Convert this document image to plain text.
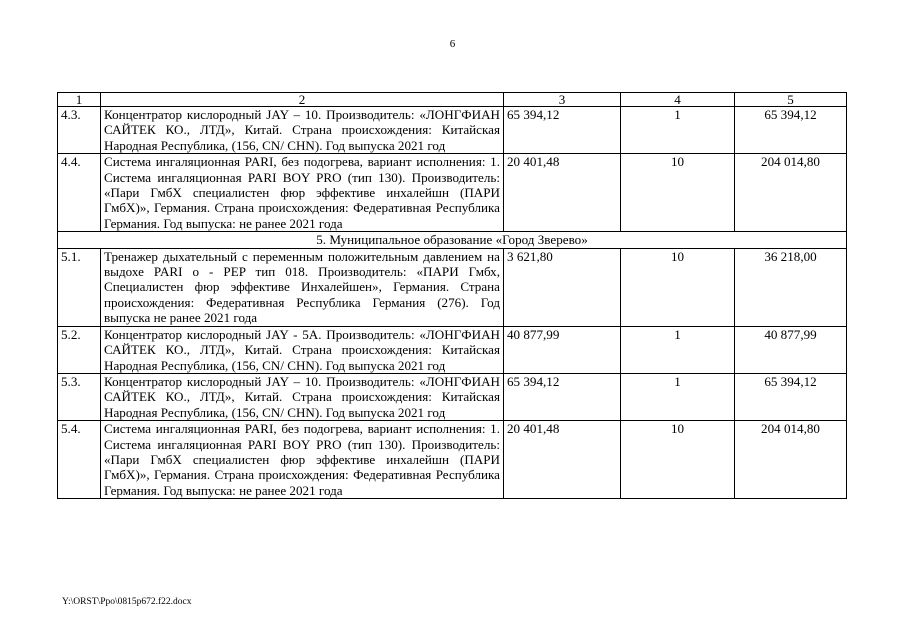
6
1	2	3	4	5
4.3.	Концентратор кислородный JAY – 10. Производитель: «ЛОНГФИАН САЙТЕК КО., ЛТД», Китай. Страна происхождения: Китайская Народная Республика, (156, CN/ CHN). Год выпуска 2021 год	65 394,12	1	65 394,12
4.4.	Система ингаляционная PARI, без подогрева, вариант исполнения: 1. Система ингаляционная PARI BOY PRO (тип 130). Производитель: «Пари ГмбХ специалистен фюр эффективе инхалейшн (ПАРИ ГмбХ)», Германия. Страна происхождения: Федеративная Республика Германия. Год выпуска: не ранее 2021 года	20 401,48	10	204 014,80
5. Муниципальное образование «Город Зверево»				
5.1.	Тренажер дыхательный с переменным положительным давлением на выдохе PARI o - PEP тип 018. Производитель: «ПАРИ Гмбх, Специалистен фюр эффективе Инхалейшен», Германия. Страна происхождения: Федеративная Республика Германия (276). Год выпуска не ранее 2021 года	3 621,80	10	36 218,00
5.2.	Концентратор кислородный JAY - 5A. Производитель: «ЛОНГФИАН САЙТЕК КО., ЛТД», Китай. Страна происхождения: Китайская Народная Республика, (156, CN/ CHN). Год выпуска 2021 год	40 877,99	1	40 877,99
5.3.	Концентратор кислородный JAY – 10. Производитель: «ЛОНГФИАН САЙТЕК КО., ЛТД», Китай. Страна происхождения: Китайская Народная Республика, (156, CN/ CHN). Год выпуска 2021 год	65 394,12	1	65 394,12
5.4.	Система ингаляционная PARI, без подогрева, вариант исполнения: 1. Система ингаляционная PARI BOY PRO (тип 130). Производитель: «Пари ГмбХ специалистен фюр эффективе инхалейшн (ПАРИ ГмбХ)», Германия. Страна происхождения: Федеративная Республика Германия. Год выпуска: не ранее 2021 года	20 401,48	10	204 014,80
Y:\ORST\Ppo\0815p672.f22.docx
